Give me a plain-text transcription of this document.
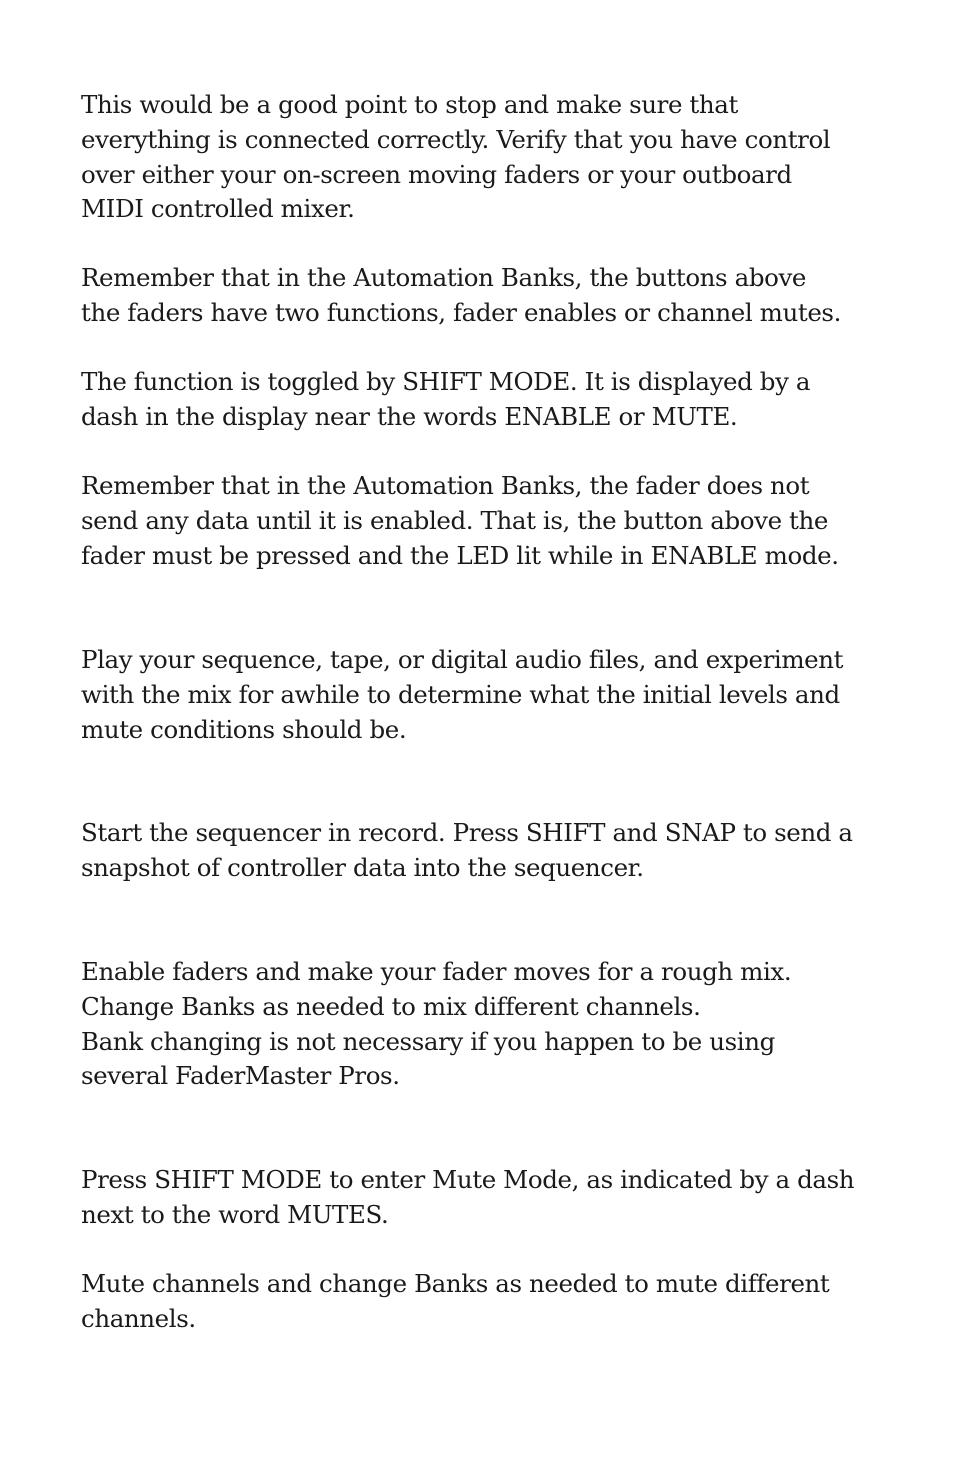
This would be a good point to stop and make sure that
everything is connected correctly. Verify that you have control
over either your on-screen moving faders or your outboard
MIDI controlled mixer.

Remember that in the Automation Banks, the buttons above
the faders have two functions, fader enables or channel mutes.

The function is toggled by SHIFT MODE. It is displayed by a
dash in the display near the words ENABLE or MUTE.

Remember that in the Automation Banks, the fader does not
send any data until it is enabled. That is, the button above the
fader must be pressed and the LED lit while in ENABLE mode.

Play your sequence, tape, or digital audio files, and experiment
with the mix for awhile to determine what the initial levels and
mute conditions should be.

Start the sequencer in record. Press SHIFT and SNAP to send a
snapshot of controller data into the sequencer.

Enable faders and make your fader moves for a rough mix.
Change Banks as needed to mix different channels.
Bank changing is not necessary if you happen to be using
several FaderMaster Pros.

Press SHIFT MODE to enter Mute Mode, as indicated by a dash
next to the word MUTES.

Mute channels and change Banks as needed to mute different
channels.
